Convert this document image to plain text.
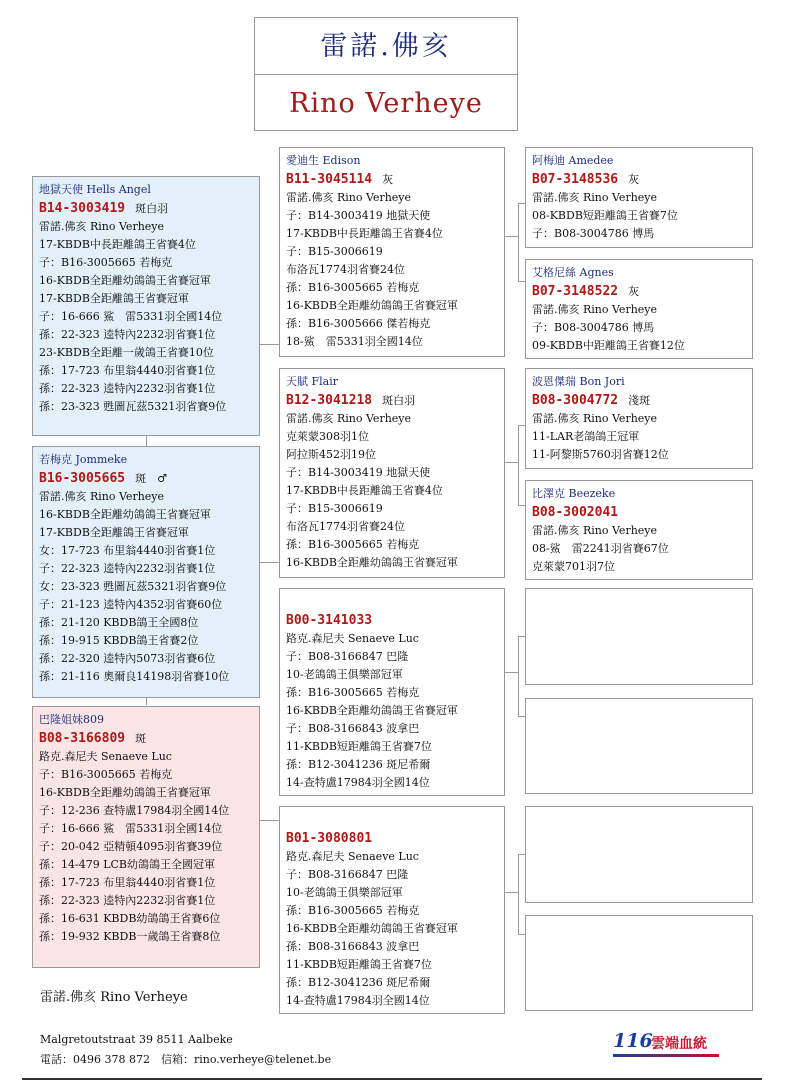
雷諾.佛亥
Rino Verheye
地獄天使 Hells Angel
B14-3003419 斑白羽
雷諾.佛亥 Rino Verheye
17-KBDB中長距離鴿王省賽4位
子：B16-3005665 若梅克
16-KBDB全距離幼鴿鴿王省賽冠軍
17-KBDB全距離鴿王省賽冠軍
子：16-666 鯊　雷5331羽全國14位
孫：22-323 逵特內2232羽省賽1位
23-KBDB全距離一歲鴿王省賽10位
孫：17-723 布里翁4440羽省賽1位
孫：22-323 逵特內2232羽省賽1位
孫：23-323 甦圖瓦茲5321羽省賽9位
若梅克 Jommeke
B16-3005665 斑　♂
雷諾.佛亥 Rino Verheye
16-KBDB全距離幼鴿鴿王省賽冠軍
17-KBDB全距離鴿王省賽冠軍
女：17-723 布里翁4440羽省賽1位
子：22-323 逵特內2232羽省賽1位
女：23-323 甦圖瓦茲5321羽省賽9位
子：21-123 逵特內4352羽省賽60位
孫：21-120 KBDB鴿王全國8位
孫：19-915 KBDB鴿王省賽2位
孫：22-320 逵特內5073羽省賽6位
孫：21-116 奧爾良14198羽省賽10位
巴隆姐妹809
B08-3166809 斑
路克.森尼夫 Senaeve Luc
子：B16-3005665 若梅克
16-KBDB全距離幼鴿鴿王省賽冠軍
子：12-236 查特盧17984羽全國14位
子：16-666 鯊　雷5331羽全國14位
子：20-042 亞精頓4095羽省賽39位
孫：14-479 LCB幼鴿鴿王全國冠軍
孫：17-723 布里翁4440羽省賽1位
孫：22-323 逵特內2232羽省賽1位
孫：16-631 KBDB幼鴿鴿王省賽6位
孫：19-932 KBDB一歲鴿王省賽8位
愛迪生 Edison
B11-3045114 灰
雷諾.佛亥 Rino Verheye
子：B14-3003419 地獄天使
17-KBDB中長距離鴿王省賽4位
子：B15-3006619
布洛瓦1774羽省賽24位
孫：B16-3005665 若梅克
16-KBDB全距離幼鴿鴿王省賽冠軍
孫：B16-3005666 傑若梅克
18-鯊　雷5331羽全國14位
天賦 Flair
B12-3041218 斑白羽
雷諾.佛亥 Rino Verheye
克萊蒙308羽1位
阿拉斯452羽19位
子：B14-3003419 地獄天使
17-KBDB中長距離鴿王省賽4位
子：B15-3006619
布洛瓦1774羽省賽24位
孫：B16-3005665 若梅克
16-KBDB全距離幼鴿鴿王省賽冠軍
B00-3141033
路克.森尼夫 Senaeve Luc
子：B08-3166847 巴隆
10-老鴿鴿王俱樂部冠軍
孫：B16-3005665 若梅克
16-KBDB全距離幼鴿鴿王省賽冠軍
子：B08-3166843 波拿巴
11-KBDB短距離鴿王省賽7位
孫：B12-3041236 斑尼希爾
14-查特盧17984羽全國14位
B01-3080801
路克.森尼夫 Senaeve Luc
子：B08-3166847 巴隆
10-老鴿鴿王俱樂部冠軍
孫：B16-3005665 若梅克
16-KBDB全距離幼鴿鴿王省賽冠軍
孫：B08-3166843 波拿巴
11-KBDB短距離鴿王省賽7位
孫：B12-3041236 斑尼希爾
14-查特盧17984羽全國14位
阿梅迪 Amedee
B07-3148536 灰
雷諾.佛亥 Rino Verheye
08-KBDB短距離鴿王省賽7位
子：B08-3004786 博馬
艾格尼絲 Agnes
B07-3148522 灰
雷諾.佛亥 Rino Verheye
子：B08-3004786 博馬
09-KBDB中距離鴿王省賽12位
波恩傑瑞 Bon Jori
B08-3004772 淺斑
雷諾.佛亥 Rino Verheye
11-LAR老鴿鴿王冠軍
11-阿黎斯5760羽省賽12位
比澤克 Beezeke
B08-3002041
雷諾.佛亥 Rino Verheye
08-鯊　雷2241羽省賽67位
克萊蒙701羽7位
雷諾.佛亥 Rino Verheye
Malgretoutstraat 39 8511 Aalbeke
電話：0496 378 872　信箱：rino.verheye@telenet.be
116
雲端血統
